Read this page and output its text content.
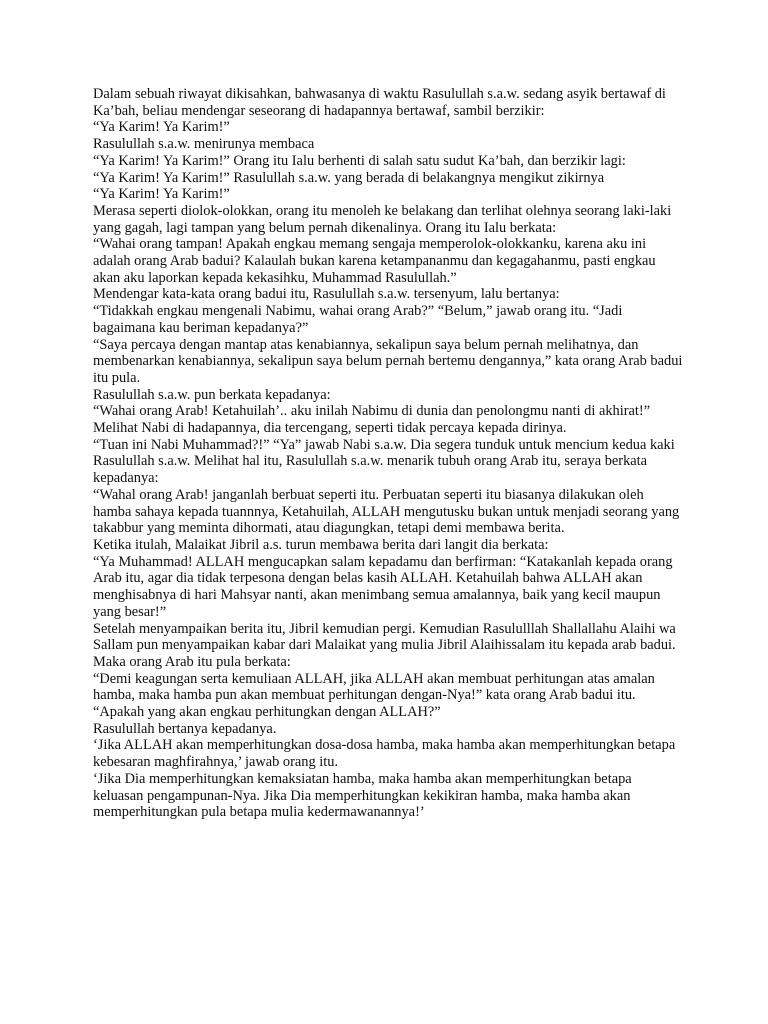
Dalam sebuah riwayat dikisahkan, bahwasanya di waktu Rasulullah s.a.w. sedang asyik bertawaf di Ka’bah, beliau mendengar seseorang di hadapannya bertawaf, sambil berzikir:

“Ya Karim! Ya Karim!”

Rasulullah s.a.w. menirunya membaca

“Ya Karim! Ya Karim!” Orang itu Ialu berhenti di salah satu sudut Ka’bah, dan berzikir lagi:

“Ya Karim! Ya Karim!” Rasulullah s.a.w. yang berada di belakangnya mengikut zikirnya

“Ya Karim! Ya Karim!”

Merasa seperti diolok-olokkan, orang itu menoleh ke belakang dan terlihat olehnya seorang laki-laki yang gagah, lagi tampan yang belum pernah dikenalinya. Orang itu Ialu berkata:

“Wahai orang tampan! Apakah engkau memang sengaja memperolok-olokkanku, karena aku ini adalah orang Arab badui? Kalaulah bukan karena ketampananmu dan kegagahanmu, pasti engkau akan aku laporkan kepada kekasihku, Muhammad Rasulullah.”

Mendengar kata-kata orang badui itu, Rasulullah s.a.w. tersenyum, lalu bertanya:

“Tidakkah engkau mengenali Nabimu, wahai orang Arab?” “Belum,” jawab orang itu. “Jadi bagaimana kau beriman kepadanya?”

“Saya percaya dengan mantap atas kenabiannya, sekalipun saya belum pernah melihatnya, dan membenarkan kenabiannya, sekalipun saya belum pernah bertemu dengannya,” kata orang Arab badui itu pula.

Rasulullah s.a.w. pun berkata kepadanya:

“Wahai orang Arab! Ketahuilah’.. aku inilah Nabimu di dunia dan penolongmu nanti di akhirat!”

Melihat Nabi di hadapannya, dia tercengang, seperti tidak percaya kepada dirinya.

“Tuan ini Nabi Muhammad?!” “Ya” jawab Nabi s.a.w. Dia segera tunduk untuk mencium kedua kaki Rasulullah s.a.w. Melihat hal itu, Rasulullah s.a.w. menarik tubuh orang Arab itu, seraya berkata kepadanya:

“Wahal orang Arab! janganlah berbuat seperti itu. Perbuatan seperti itu biasanya dilakukan oleh hamba sahaya kepada tuannnya, Ketahuilah, ALLAH mengutusku bukan untuk menjadi seorang yang takabbur yang meminta dihormati, atau diagungkan, tetapi demi membawa berita.

Ketika itulah, Malaikat Jibril a.s. turun membawa berita dari langit dia berkata:

“Ya Muhammad! ALLAH mengucapkan salam kepadamu dan berfirman: “Katakanlah kepada orang Arab itu, agar dia tidak terpesona dengan belas kasih ALLAH. Ketahuilah bahwa ALLAH akan menghisabnya di hari Mahsyar nanti, akan menimbang semua amalannya, baik yang kecil maupun yang besar!”

Setelah menyampaikan berita itu, Jibril kemudian pergi. Kemudian Rasululllah Shallallahu Alaihi wa Sallam pun menyampaikan kabar dari Malaikat yang mulia Jibril Alaihissalam itu kepada arab badui.

Maka orang Arab itu pula berkata:

“Demi keagungan serta kemuliaan ALLAH, jika ALLAH akan membuat perhitungan atas amalan hamba, maka hamba pun akan membuat perhitungan dengan-Nya!” kata orang Arab badui itu.

“Apakah yang akan engkau perhitungkan dengan ALLAH?”

Rasulullah bertanya kepadanya.

‘Jika ALLAH akan memperhitungkan dosa-dosa hamba, maka hamba akan memperhitungkan betapa kebesaran maghfirahnya,’ jawab orang itu.

‘Jika Dia memperhitungkan kemaksiatan hamba, maka hamba akan memperhitungkan betapa keluasan pengampunan-Nya. Jika Dia memperhitungkan kekikiran hamba, maka hamba akan memperhitungkan pula betapa mulia kedermawanannya!’
